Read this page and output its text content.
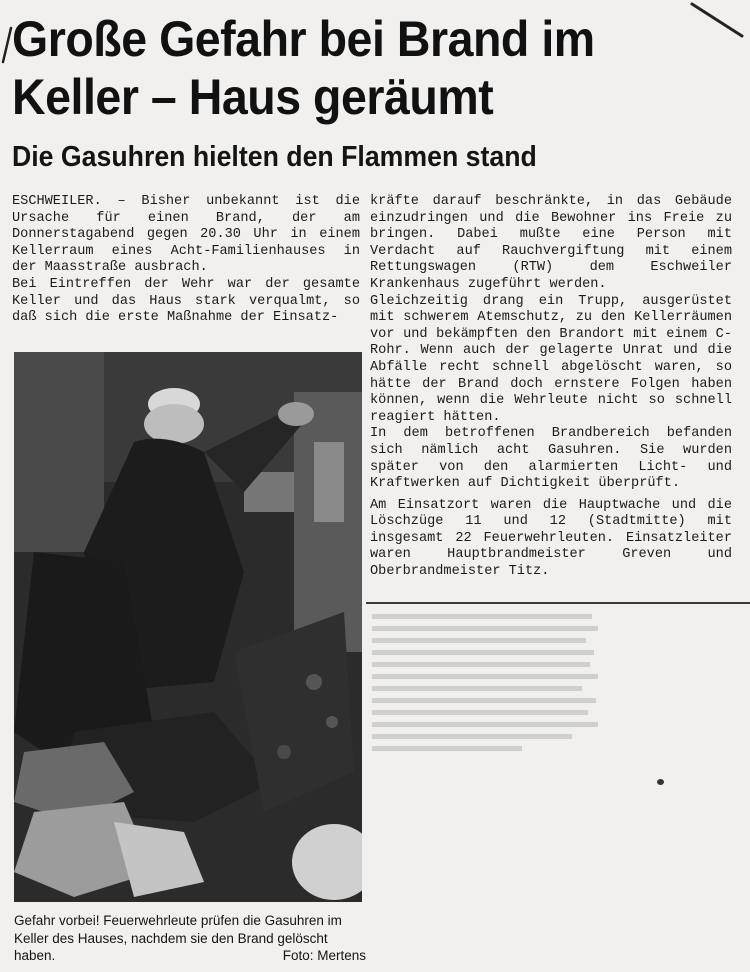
Große Gefahr bei Brand im Keller – Haus geräumt
Die Gasuhren hielten den Flammen stand

ESCHWEILER. – Bisher unbekannt ist die Ursache für einen Brand, der am Donnerstagabend gegen 20.30 Uhr in einem Kellerraum eines Acht-Familienhauses in der Maasstraße ausbrach.

Bei Eintreffen der Wehr war der gesamte Keller und das Haus stark verqualmt, so daß sich die erste Maßnahme der Einsatz-

kräfte darauf beschränkte, in das Gebäude einzudringen und die Bewohner ins Freie zu bringen. Dabei mußte eine Person mit Verdacht auf Rauchvergiftung mit einem Rettungswagen (RTW) dem Eschweiler Krankenhaus zugeführt werden.

Gleichzeitig drang ein Trupp, ausgerüstet mit schwerem Atemschutz, zu den Kellerräumen vor und bekämpften den Brandort mit einem C-Rohr. Wenn auch der gelagerte Unrat und die Abfälle recht schnell abgelöscht waren, so hätte der Brand doch ernstere Folgen haben können, wenn die Wehrleute nicht so schnell reagiert hätten.

In dem betroffenen Brandbereich befanden sich nämlich acht Gasuhren. Sie wurden später von den alarmierten Licht- und Kraftwerken auf Dichtigkeit überprüft.

Am Einsatzort waren die Hauptwache und die Löschzüge 11 und 12 (Stadtmitte) mit insgesamt 22 Feuerwehrleuten. Einsatzleiter waren Hauptbrandmeister Greven und Oberbrandmeister Titz.

Gefahr vorbei! Feuerwehrleute prüfen die Gasuhren im Keller des Hauses, nachdem sie den Brand gelöscht haben.	Foto: Mertens
